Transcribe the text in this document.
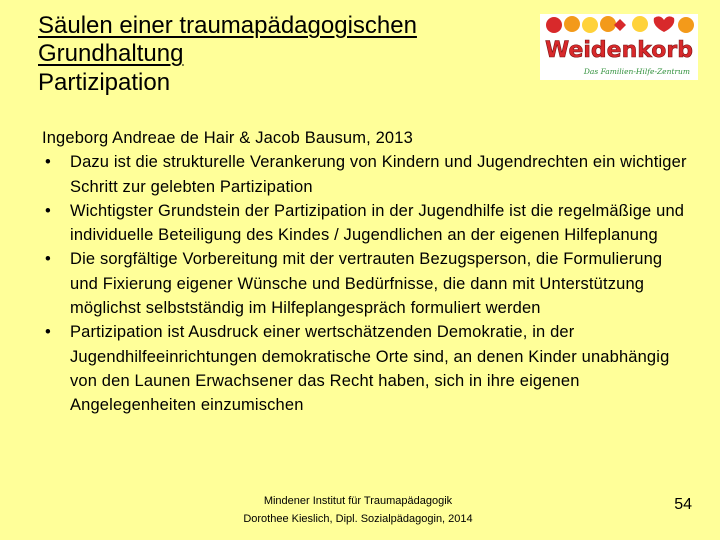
Säulen einer traumapädagogischen
Grundhaltung
Partizipation
Weidenkorb
Das Familien-Hilfe-Zentrum

Ingeborg Andreae de Hair & Jacob Bausum, 2013

•	Dazu ist die strukturelle Verankerung von Kindern und Jugendrechten ein wichtiger Schritt zur gelebten Partizipation
•	Wichtigster Grundstein der Partizipation in der Jugendhilfe ist die regelmäßige und individuelle Beteiligung des Kindes / Jugendlichen an der eigenen Hilfeplanung
•	Die sorgfältige Vorbereitung mit der vertrauten Bezugsperson, die Formulierung und Fixierung eigener Wünsche und Bedürfnisse, die dann mit Unterstützung möglichst selbstständig im Hilfeplangespräch formuliert werden
•	Partizipation ist Ausdruck einer wertschätzenden Demokratie, in der Jugendhilfeeinrichtungen demokratische Orte sind, an denen Kinder unabhängig von den Launen Erwachsener das Recht haben, sich in ihre eigenen Angelegenheiten einzumischen
Mindener Institut für Traumapädagogik
Dorothee Kieslich, Dipl. Sozialpädagogin, 2014
54
